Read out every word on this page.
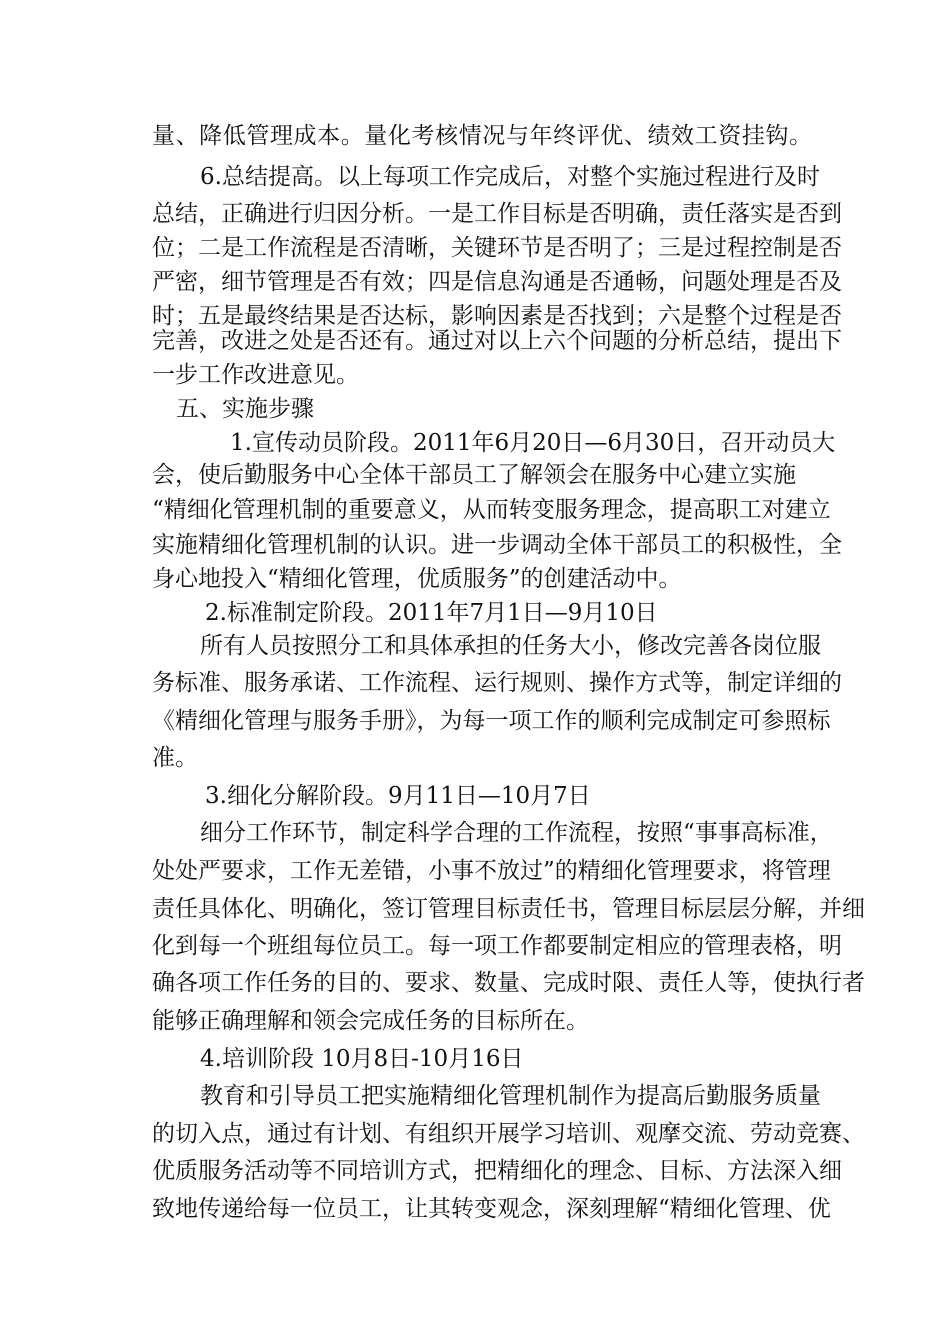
量、降低管理成本。量化考核情况与年终评优、绩效工资挂钩。
6.总结提高。以上每项工作完成后，对整个实施过程进行及时
总结，正确进行归因分析。一是工作目标是否明确，责任落实是否到
位；二是工作流程是否清晰，关键环节是否明了；三是过程控制是否
严密，细节管理是否有效；四是信息沟通是否通畅，问题处理是否及
时；五是最终结果是否达标，影响因素是否找到；六是整个过程是否
完善，改进之处是否还有。通过对以上六个问题的分析总结，提出下
一步工作改进意见。
五、实施步骤
1.宣传动员阶段。2011年6月20日—6月30日，召开动员大
会，使后勤服务中心全体干部员工了解领会在服务中心建立实施
“精细化管理机制的重要意义，从而转变服务理念，提高职工对建立
实施精细化管理机制的认识。进一步调动全体干部员工的积极性，全
身心地投入“精细化管理，优质服务”的创建活动中。
2.标准制定阶段。2011年7月1日—9月10日
所有人员按照分工和具体承担的任务大小，修改完善各岗位服
务标准、服务承诺、工作流程、运行规则、操作方式等，制定详细的
《精细化管理与服务手册》，为每一项工作的顺利完成制定可参照标
准。
3.细化分解阶段。9月11日—10月7日
细分工作环节，制定科学合理的工作流程，按照“事事高标准，
处处严要求，工作无差错，小事不放过”的精细化管理要求，将管理
责任具体化、明确化，签订管理目标责任书，管理目标层层分解，并细
化到每一个班组每位员工。每一项工作都要制定相应的管理表格，明
确各项工作任务的目的、要求、数量、完成时限、责任人等，使执行者
能够正确理解和领会完成任务的目标所在。
4.培训阶段 10月8日-10月16日
教育和引导员工把实施精细化管理机制作为提高后勤服务质量
的切入点，通过有计划、有组织开展学习培训、观摩交流、劳动竞赛、
优质服务活动等不同培训方式，把精细化的理念、目标、方法深入细
致地传递给每一位员工，让其转变观念，深刻理解“精细化管理、优
